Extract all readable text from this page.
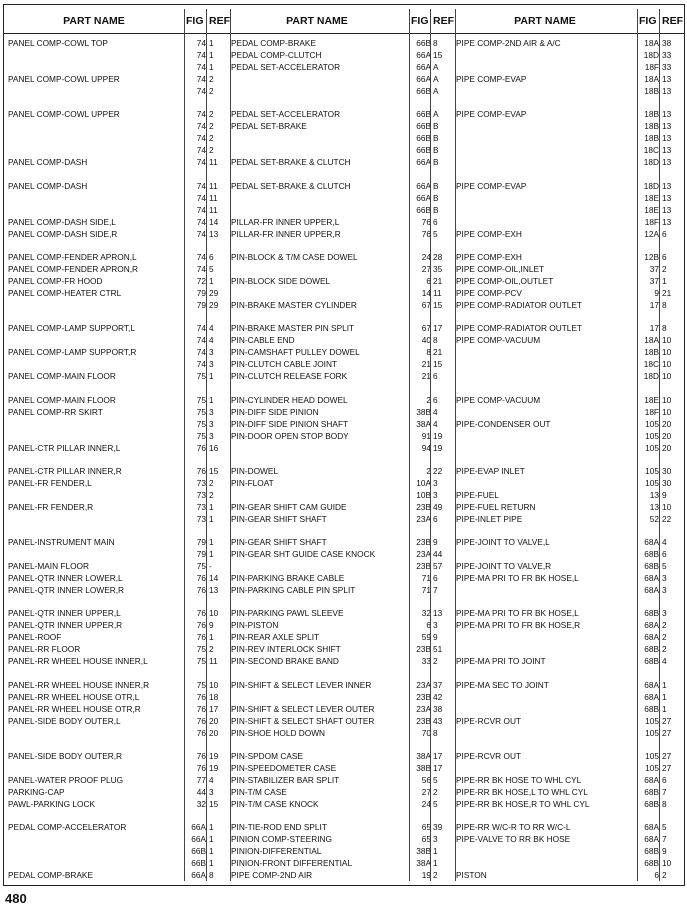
PART NAME	FIG REF	PART NAME	FIG REF	PART NAME	FIG REF
PANEL COMP-COWL TOP	74 1
74 1
74 1
PANEL COMP-COWL UPPER	74 2
74 2
PANEL COMP-COWL UPPER	74 2
74 2
74 2
74 2
PANEL COMP-DASH	74 11
PANEL COMP-DASH	74 11
74 11
74 11
PANEL COMP-DASH SIDE,L	74 14
PANEL COMP-DASH SIDE,R	74 13
PANEL COMP-FENDER APRON,L	74 6
PANEL COMP-FENDER APRON,R	74 5
PANEL COMP-FR HOOD	72 1
PANEL COMP-HEATER CTRL	79 29
79 29
PANEL COMP-LAMP SUPPORT,L	74 4
74 4
PANEL COMP-LAMP SUPPORT,R	74 3
74 3
PANEL COMP-MAIN FLOOR	75 1
PANEL COMP-MAIN FLOOR	75 1
PANEL COMP-RR SKIRT	75 3
75 3
75 3
PANEL-CTR PILLAR INNER,L	76 16
PANEL-CTR PILLAR INNER,R	76 15
PANEL-FR FENDER,L	73 2
73 2
PANEL-FR FENDER,R	73 1
73 1
PANEL-INSTRUMENT MAIN	79 1
79 1
PANEL-MAIN FLOOR	75 -
PANEL-QTR INNER LOWER,L	76 14
PANEL-QTR INNER LOWER,R	76 13
PANEL-QTR INNER UPPER,L	76 10
PANEL-QTR INNER UPPER,R	76 9
PANEL-ROOF	76 1
PANEL-RR FLOOR	75 2
PANEL-RR WHEEL HOUSE INNER,L	75 11
PANEL-RR WHEEL HOUSE INNER,R	75 10
PANEL-RR WHEEL HOUSE OTR,L	76 18
PANEL-RR WHEEL HOUSE OTR,R	76 17
PANEL-SIDE BODY OUTER,L	76 20
76 20
PANEL-SIDE BODY OUTER,R	76 19
76 19
PANEL-WATER PROOF PLUG	77 4
PARKING-CAP	44 3
PAWL-PARKING LOCK	32 15
PEDAL COMP-ACCELERATOR	66A 1
66A 1
66B 1
66B 1
PEDAL COMP-BRAKE	66A 8
PEDAL COMP-BRAKE	66B 8
PEDAL COMP-CLUTCH	66A 15
PEDAL SET-ACCELERATOR	66A A
66A A
66B A
PEDAL SET-ACCELERATOR	66B A
PEDAL SET-BRAKE	66B B
66B B
66B B
PEDAL SET-BRAKE & CLUTCH	66A B
PEDAL SET-BRAKE & CLUTCH	66A B
66A B
66B B
PILLAR-FR INNER UPPER,L	76 6
PILLAR-FR INNER UPPER,R	76 5
PIN-BLOCK & T/M CASE DOWEL	24 28
27 35
PIN-BLOCK SIDE DOWEL	6 21
14 11
PIN-BRAKE MASTER CYLINDER	67 15
PIN-BRAKE MASTER PIN SPLIT	67 17
PIN-CABLE END	40 8
PIN-CAMSHAFT PULLEY DOWEL	8 21
PIN-CLUTCH CABLE JOINT	21 15
PIN-CLUTCH RELEASE FORK	21 6
PIN-CYLINDER HEAD DOWEL	2 6
PIN-DIFF SIDE PINION	38B 4
PIN-DIFF SIDE PINION SHAFT	38A 4
PIN-DOOR OPEN STOP BODY	91 19
94 19
PIN-DOWEL	2 22
PIN-FLOAT	10A 3
10B 3
PIN-GEAR SHIFT CAM GUIDE	23B 49
PIN-GEAR SHIFT SHAFT	23A 6
PIN-GEAR SHIFT SHAFT	23B 9
PIN-GEAR SHT GUIDE CASE KNOCK	23A 44
23B 57
PIN-PARKING BRAKE CABLE	71 6
PIN-PARKING CABLE PIN SPLIT	71 7
PIN-PARKING PAWL SLEEVE	32 13
PIN-PISTON	6 3
PIN-REAR AXLE SPLIT	59 9
PIN-REV INTERLOCK SHIFT	23B 51
PIN-SECOND BRAKE BAND	33 2
PIN-SHIFT & SELECT LEVER INNER	23A 37
23B 42
PIN-SHIFT & SELECT LEVER OUTER	23A 38
PIN-SHIFT & SELECT SHAFT OUTER	23B 43
PIN-SHOE HOLD DOWN	70 8
PIN-SPDOM CASE	38A 17
PIN-SPEEDOMETER CASE	38B 17
PIN-STABILIZER BAR SPLIT	56 5
PIN-T/M CASE	27 2
PIN-T/M CASE KNOCK	24 5
PIN-TIE-ROD END SPLIT	65 39
PINION COMP-STEERING	65 3
PINION-DIFFERENTIAL	38B 1
PINION-FRONT DIFFERENTIAL	38A 1
PIPE COMP-2ND AIR	19 2
PIPE COMP-2ND AIR & A/C	18A 38
18D 33
18F 33
PIPE COMP-EVAP	18A 13
18B 13
PIPE COMP-EVAP	18B 13
18B 13
18B 13
18C 13
18D 13
PIPE COMP-EVAP	18D 13
18E 13
18E 13
18F 13
PIPE COMP-EXH	12A 6
PIPE COMP-EXH	12B 6
PIPE COMP-OIL,INLET	37 2
PIPE COMP-OIL,OUTLET	37 1
PIPE COMP-PCV	9 21
PIPE COMP-RADIATOR OUTLET	17 8
PIPE COMP-RADIATOR OUTLET	17 8
PIPE COMP-VACUUM	18A 10
18B 10
18C 10
18D 10
PIPE COMP-VACUUM	18E 10
18F 10
PIPE-CONDENSER OUT	105 20
105 20
105 20
PIPE-EVAP INLET	105 30
105 30
PIPE-FUEL	13 9
PIPE-FUEL RETURN	13 10
PIPE-INLET PIPE	52 22
PIPE-JOINT TO VALVE,L	68A 4
68B 6
PIPE-JOINT TO VALVE,R	68B 5
PIPE-MA PRI TO FR BK HOSE,L	68A 3
68A 3
PIPE-MA PRI TO FR BK HOSE,L	68B 3
PIPE-MA PRI TO FR BK HOSE,R	68A 2
68A 2
68B 2
PIPE-MA PRI TO JOINT	68B 4
PIPE-MA SEC TO JOINT	68A 1
68A 1
68B 1
PIPE-RCVR OUT	105 27
105 27
PIPE-RCVR OUT	105 27
105 27
PIPE-RR BK HOSE TO WHL CYL	68A 6
PIPE-RR BK HOSE,L TO WHL CYL	68B 7
PIPE-RR BK HOSE,R TO WHL CYL	68B 8
PIPE-RR W/C-R TO RR W/C-L	68A 5
PIPE-VALVE TO RR BK HOSE	68A 7
68B 9
68B 10
PISTON	6 2
480
